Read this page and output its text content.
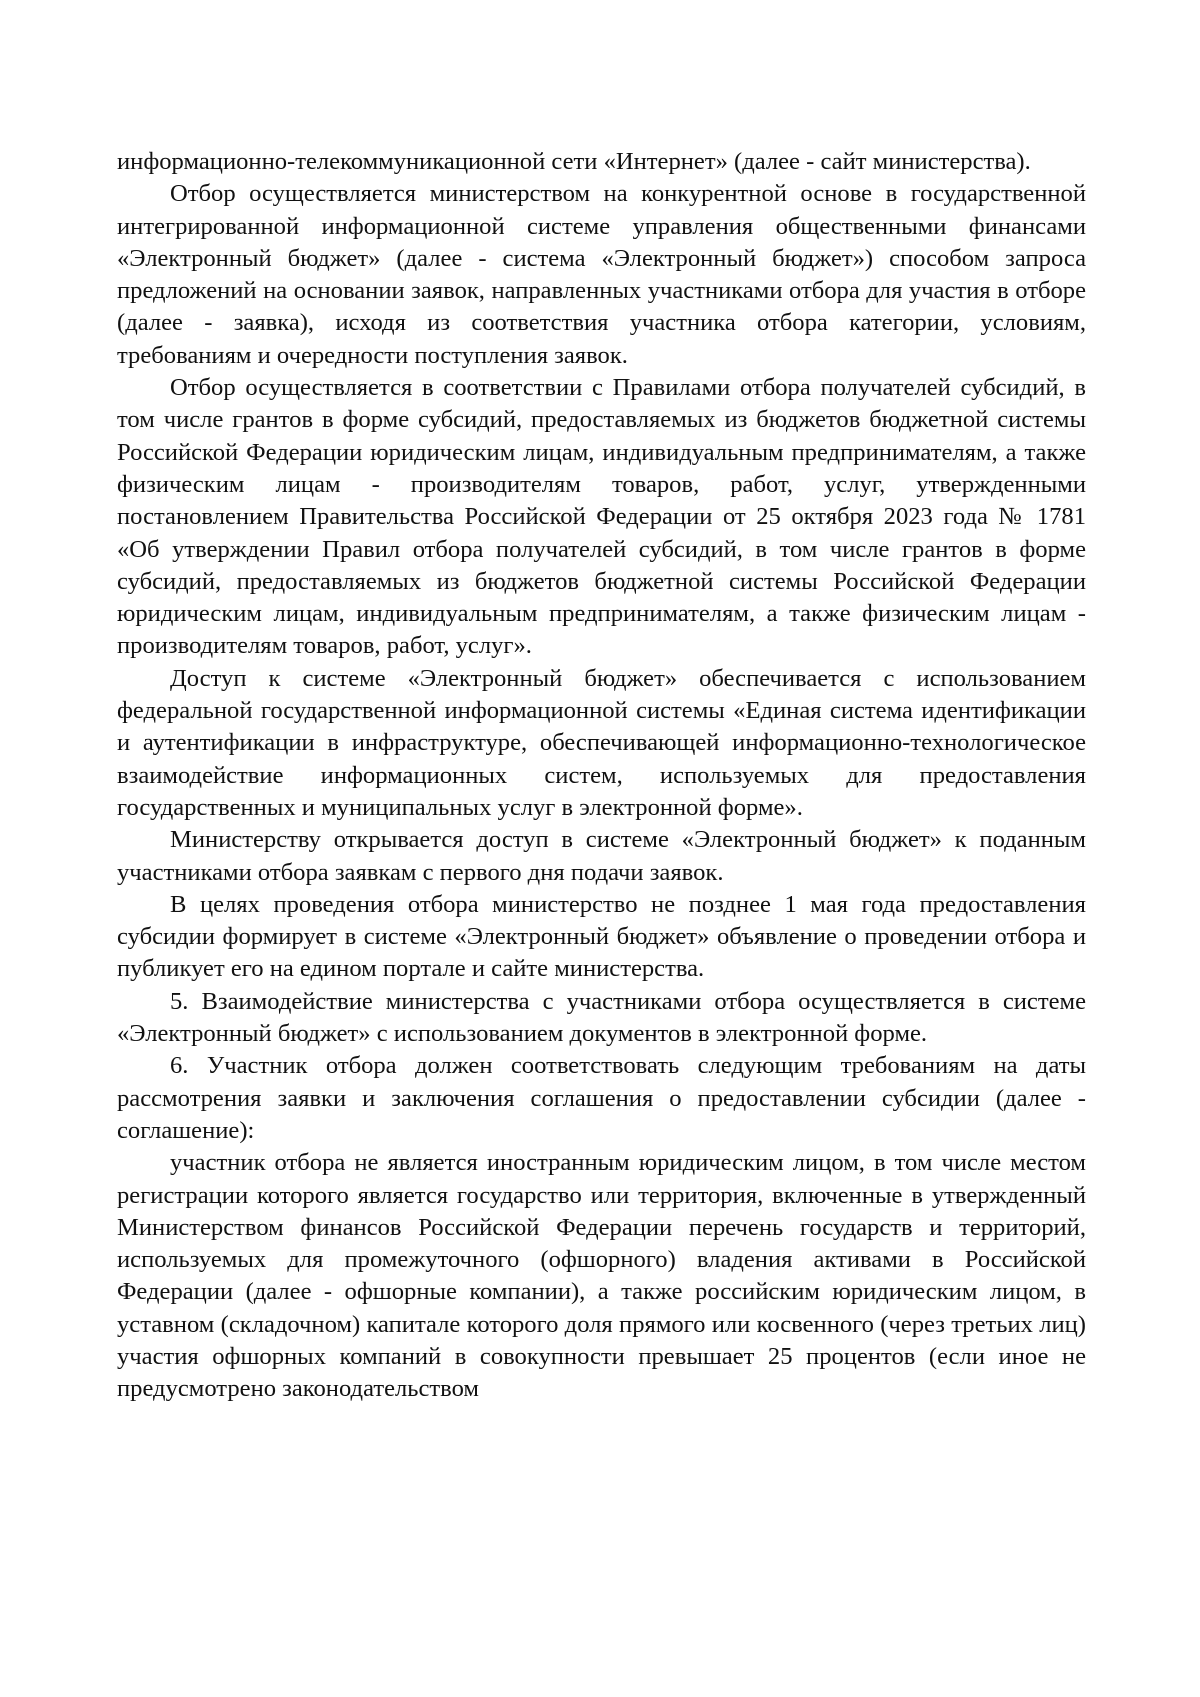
информационно-телекоммуникационной сети «Интернет» (далее - сайт министерства).

Отбор осуществляется министерством на конкурентной основе в государственной интегрированной информационной системе управления общественными финансами «Электронный бюджет» (далее - система «Электронный бюджет») способом запроса предложений на основании заявок, направленных участниками отбора для участия в отборе (далее - заявка), исходя из соответствия участника отбора категории, условиям, требованиям и очередности поступления заявок.

Отбор осуществляется в соответствии с Правилами отбора получателей субсидий, в том числе грантов в форме субсидий, предоставляемых из бюджетов бюджетной системы Российской Федерации юридическим лицам, индивидуальным предпринимателям, а также физическим лицам - производителям товаров, работ, услуг, утвержденными постановлением Правительства Российской Федерации от 25 октября 2023 года № 1781 «Об утверждении Правил отбора получателей субсидий, в том числе грантов в форме субсидий, предоставляемых из бюджетов бюджетной системы Российской Федерации юридическим лицам, индивидуальным предпринимателям, а также физическим лицам - производителям товаров, работ, услуг».

Доступ к системе «Электронный бюджет» обеспечивается с использованием федеральной государственной информационной системы «Единая система идентификации и аутентификации в инфраструктуре, обеспечивающей информационно-технологическое взаимодействие информационных систем, используемых для предоставления государственных и муниципальных услуг в электронной форме».

Министерству открывается доступ в системе «Электронный бюджет» к поданным участниками отбора заявкам с первого дня подачи заявок.

В целях проведения отбора министерство не позднее 1 мая года предоставления субсидии формирует в системе «Электронный бюджет» объявление о проведении отбора и публикует его на едином портале и сайте министерства.

5. Взаимодействие министерства с участниками отбора осуществляется в системе «Электронный бюджет» с использованием документов в электронной форме.

6. Участник отбора должен соответствовать следующим требованиям на даты рассмотрения заявки и заключения соглашения о предоставлении субсидии (далее - соглашение):

участник отбора не является иностранным юридическим лицом, в том числе местом регистрации которого является государство или территория, включенные в утвержденный Министерством финансов Российской Федерации перечень государств и территорий, используемых для промежуточного (офшорного) владения активами в Российской Федерации (далее - офшорные компании), а также российским юридическим лицом, в уставном (складочном) капитале которого доля прямого или косвенного (через третьих лиц) участия офшорных компаний в совокупности превышает 25 процентов (если иное не предусмотрено законодательством
